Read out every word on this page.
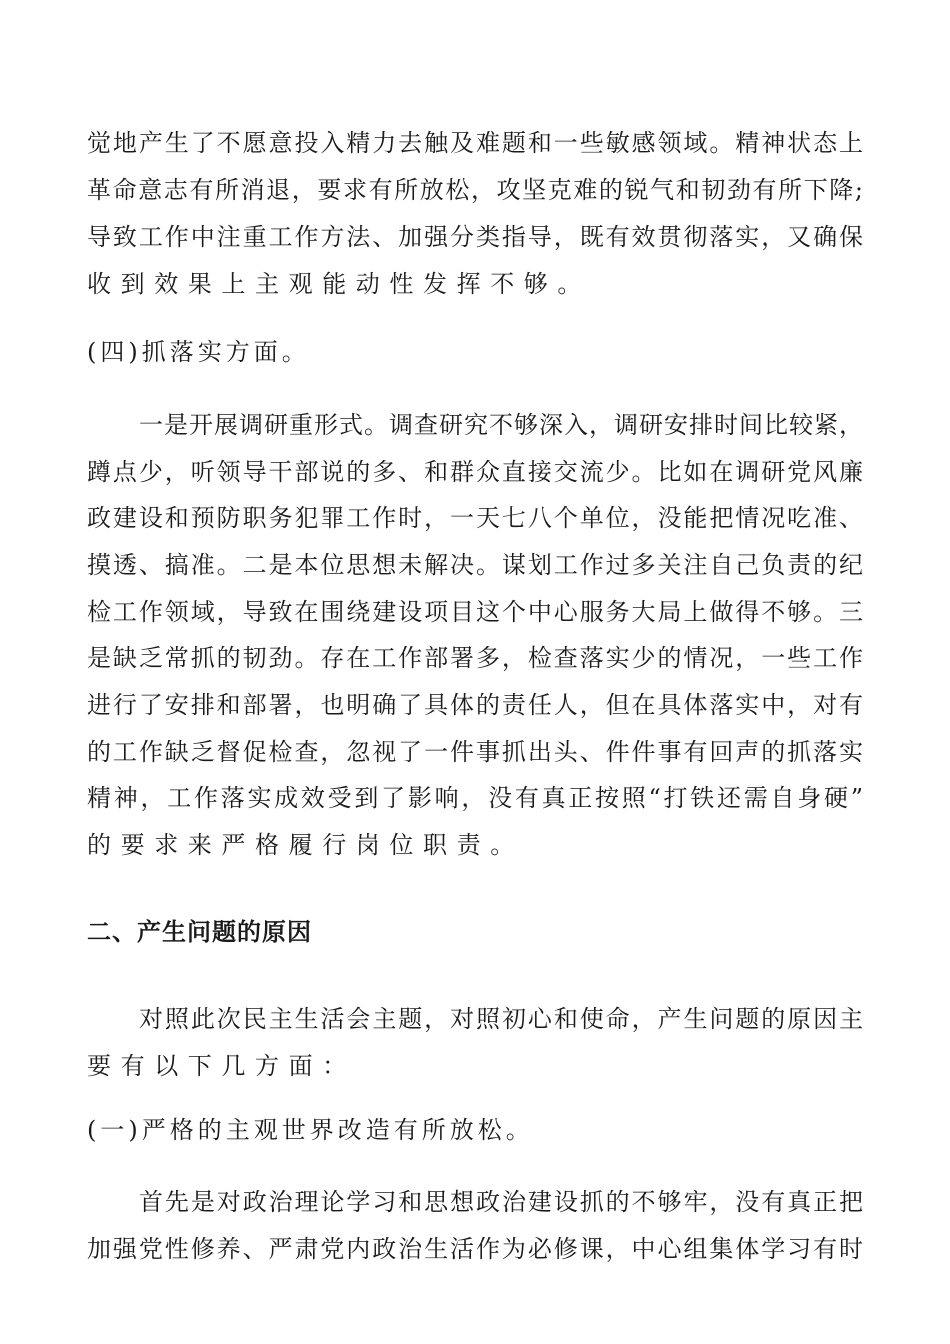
觉地产生了不愿意投入精力去触及难题和一些敏感领域。精神状态上
革命意志有所消退，要求有所放松，攻坚克难的锐气和韧劲有所下降;
导致工作中注重工作方法、加强分类指导，既有效贯彻落实，又确保
收到效果上主观能动性发挥不够。
(四)抓落实方面。
一是开展调研重形式。调查研究不够深入，调研安排时间比较紧，
蹲点少，听领导干部说的多、和群众直接交流少。比如在调研党风廉
政建设和预防职务犯罪工作时，一天七八个单位，没能把情况吃准、
摸透、搞准。二是本位思想未解决。谋划工作过多关注自己负责的纪
检工作领域，导致在围绕建设项目这个中心服务大局上做得不够。三
是缺乏常抓的韧劲。存在工作部署多，检查落实少的情况，一些工作
进行了安排和部署，也明确了具体的责任人，但在具体落实中，对有
的工作缺乏督促检查，忽视了一件事抓出头、件件事有回声的抓落实
精神，工作落实成效受到了影响，没有真正按照“打铁还需自身硬”
的要求来严格履行岗位职责。
二、产生问题的原因
对照此次民主生活会主题，对照初心和使命，产生问题的原因主
要有以下几方面：
(一)严格的主观世界改造有所放松。
首先是对政治理论学习和思想政治建设抓的不够牢，没有真正把
加强党性修养、严肃党内政治生活作为必修课，中心组集体学习有时
